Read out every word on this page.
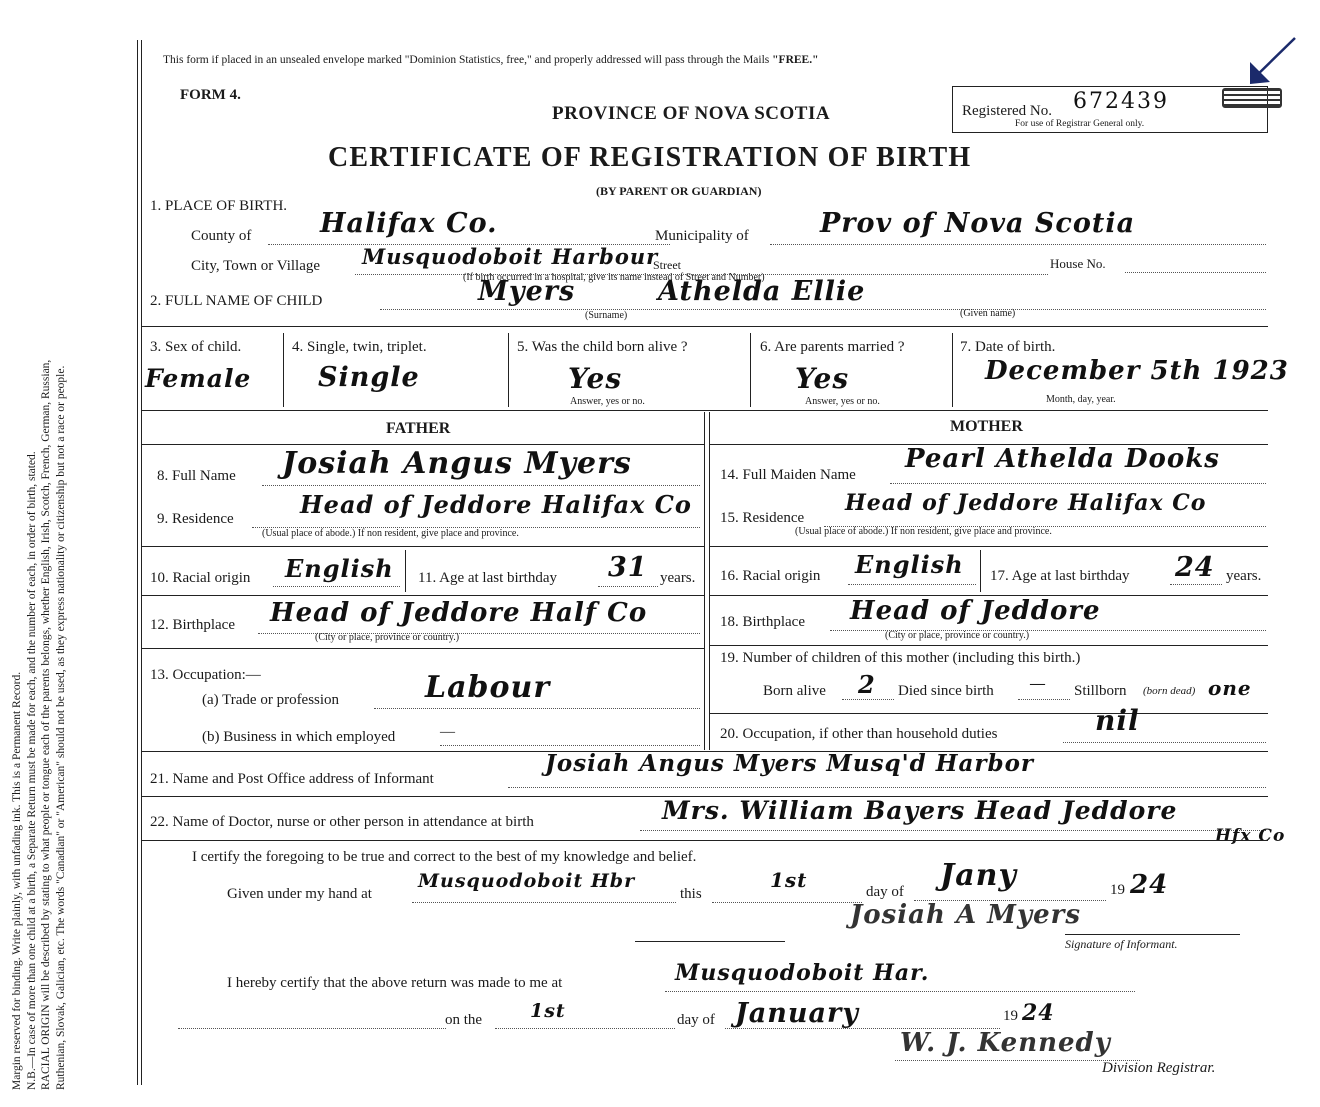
Margin reserved for binding. Write plainly, with unfading ink. This is a Permanent Record. N.B.—In case of more than one child at a birth, a Separate Return must be made for each, and the number of each, in order of birth, stated. RACIAL ORIGIN will be described by stating to what people or tongue each of the parents belongs, whether English, Irish, Scotch, French, German, Russian, Ruthenian, Slovak, Galician, etc. The words "Canadian" or "American" should not be used, as they express nationality or citizenship but not a race or people.
This form if placed in an unsealed envelope marked "Dominion Statistics, free," and properly addressed will pass through the Mails "FREE."
FORM 4.
PROVINCE OF NOVA SCOTIA
CERTIFICATE OF REGISTRATION OF BIRTH
(BY PARENT OR GUARDIAN)
Registered No. 672439
For use of Registrar General only.
1. PLACE OF BIRTH.
County of	Halifax Co.	Municipality of	Prov of Nova Scotia
City, Town or Village Musquodoboit Harbour
Street	House No.
(If birth occurred in a hospital, give its name instead of Street and Number)
2. FULL NAME OF CHILD	Myers	Athelda Ellie
(Surname)	(Given name)
3. Sex of child.
Female
4. Single, twin, triplet.
Single
5. Was the child born alive ?
Yes
Answer, yes or no.
6. Are parents married ?
Yes
Answer, yes or no.
7. Date of birth.
December 5th 1923
Month, day, year.
FATHER	MOTHER
8. Full Name Josiah Angus Myers
9. Residence	Head of Jeddore Halifax Co
(Usual place of abode.) If non resident, give place and province.
10. Racial origin English 11. Age at last birthday 31 years.
12. Birthplace Head of Jeddore Half Co
(City or place, province or country.)
13. Occupation:—
(a) Trade or profession	Labour
(b) Business in which employed	—
14. Full Maiden Name
Pearl Athelda Dooks
15. Residence
Head of Jeddore Halifax Co
(Usual place of abode.) If non resident, give place and province.
16. Racial origin English 17. Age at last birthday 24 years.
18. Birthplace Head of Jeddore
(City or place, province or country.)
19. Number of children of this mother (including this birth.)
Born alive 2 Died since birth — Stillborn (born dead) one
20. Occupation, if other than household duties	nil
21. Name and Post Office address of Informant
Josiah Angus Myers Musq'd Harbor
22. Name of Doctor, nurse or other person in attendance at birth	Mrs. William Bayers Head Jeddore
Hfx Co
I certify the foregoing to be true and correct to the best of my knowledge and belief.
Given under my hand at
Musquodoboit Hbr
this
1st	day of Jany	19 24
Josiah A Myers
Signature of Informant.
I hereby certify that the above return was made to me at	Musquodoboit Har.
on the	1st	day of January	19 24
W. J. Kennedy
Division Registrar.
